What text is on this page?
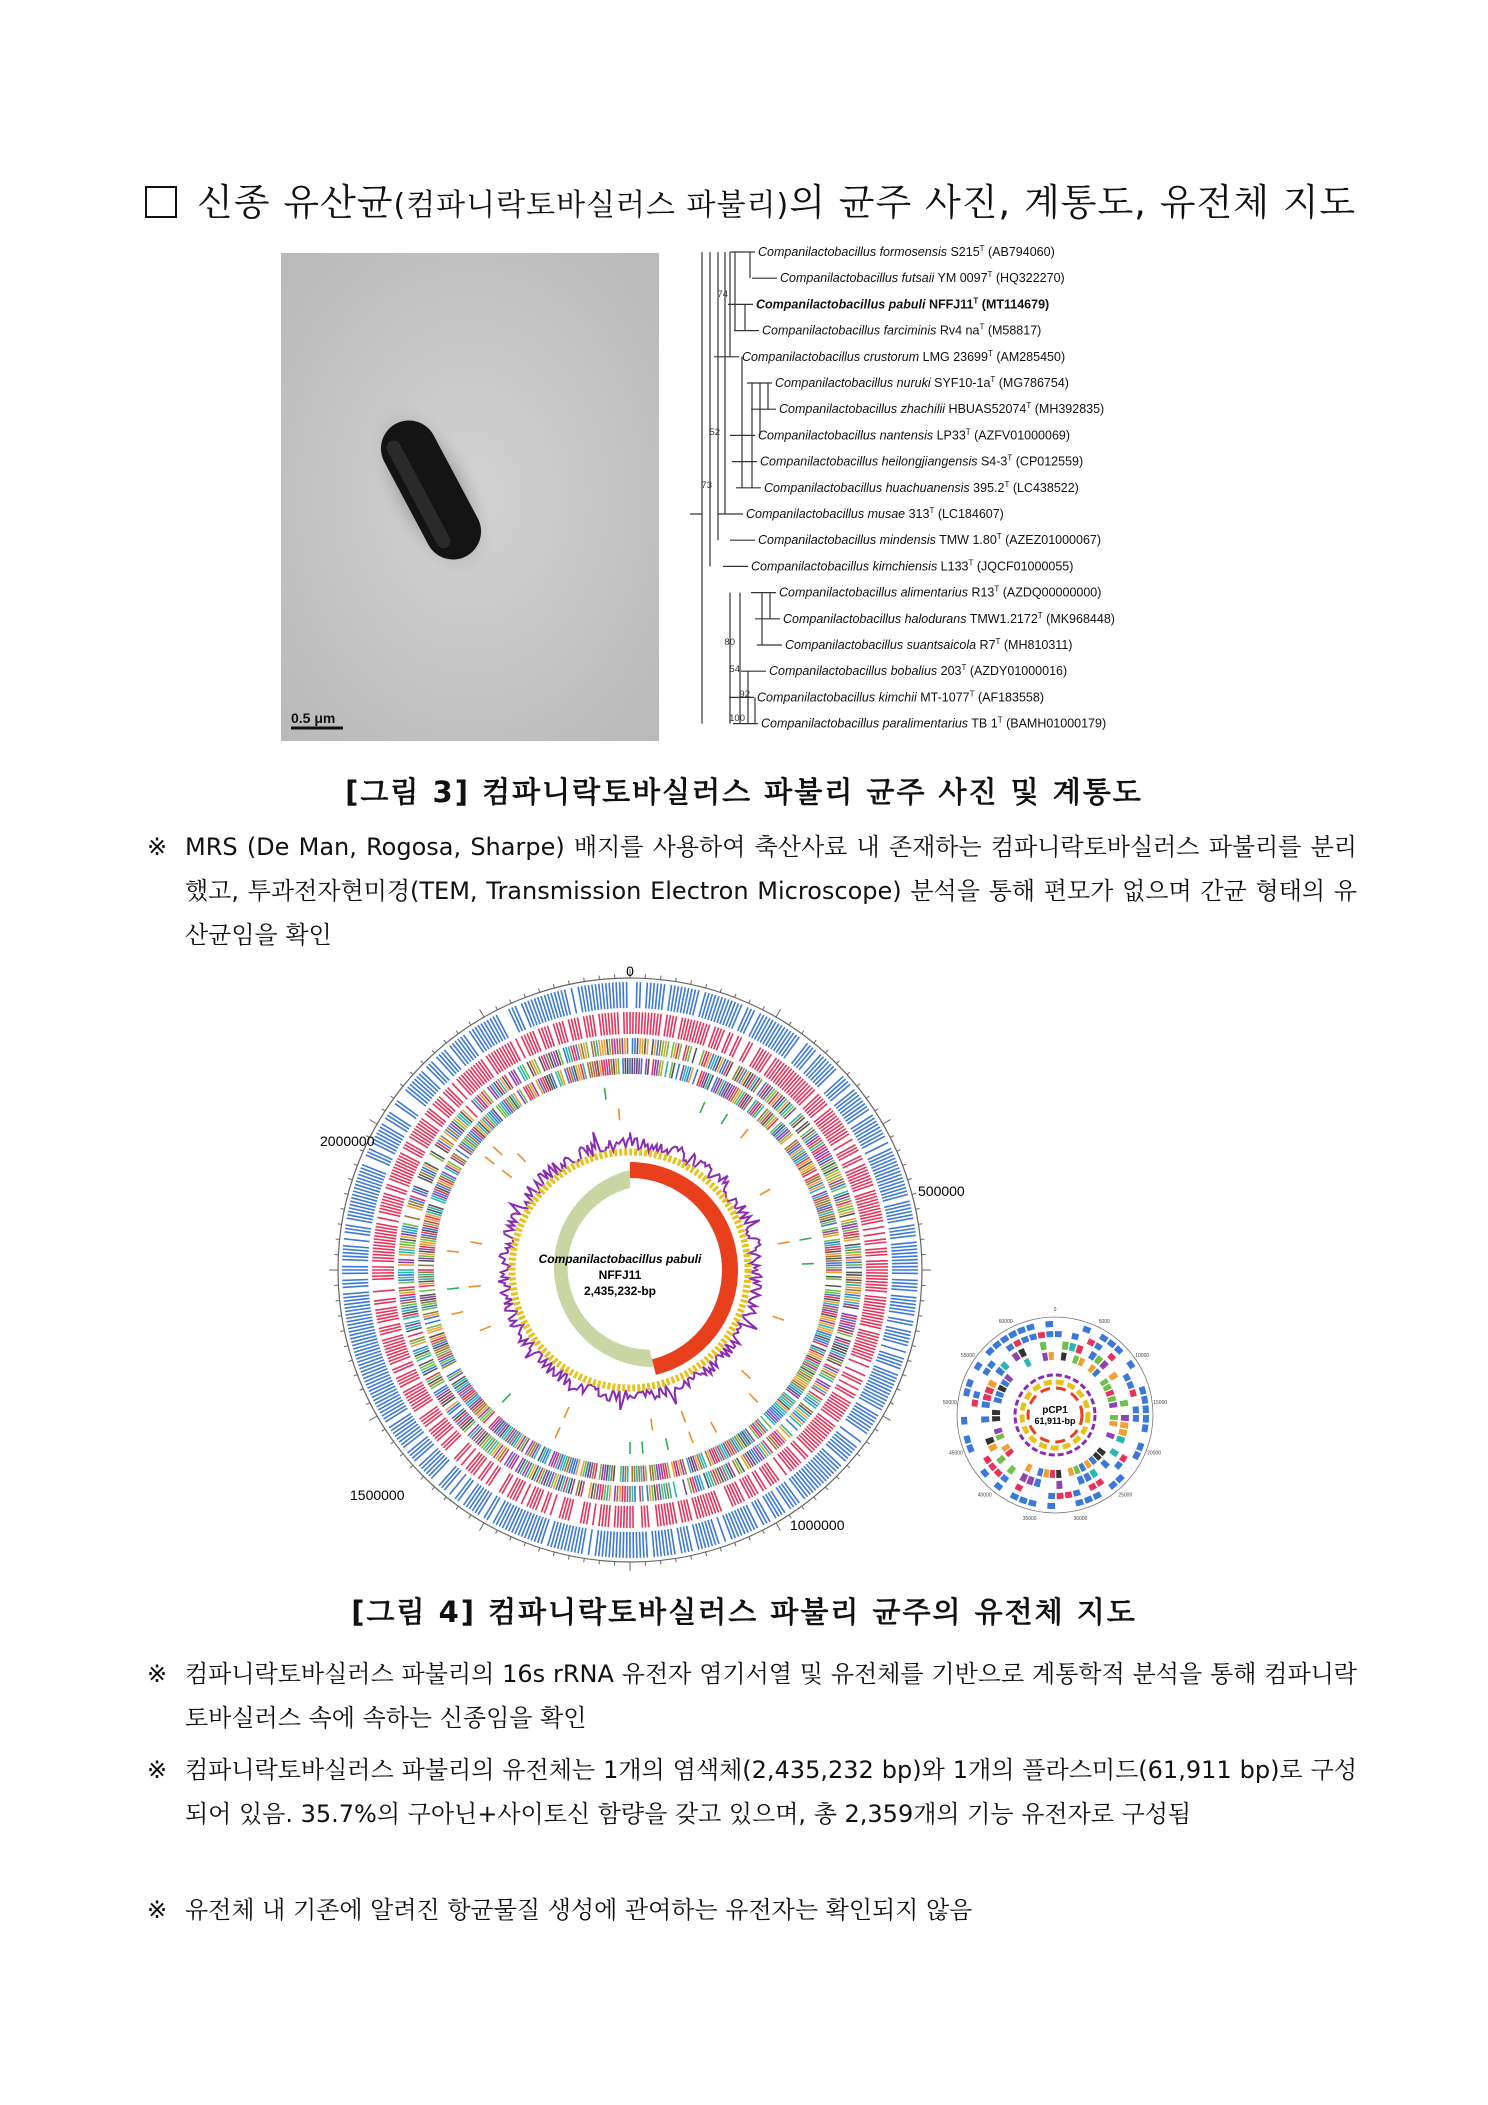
신종 유산균(컴파니락토바실러스 파불리)의 균주 사진, 계통도, 유전체 지도
0.5 μm
Companilactobacillus formosensis $S215^T$ (AB794060)
Companilactobacillus futsaii YM $0097^T$ (HQ322270)
Companilactobacillus pabuli $NFFJ11^T$ (MT114679)
Companilactobacillus farciminis Rv4 $na^T$ (M58817)
Companilactobacillus crustorum LMG $23699^T$ (AM285450)
Companilactobacillus nuruki $SYF10-1a^T$ (MG786754)
Companilactobacillus zhachilii $HBUAS52074^T$ (MH392835)
Companilactobacillus nantensis $LP33^T$ (AZFV01000069)
Companilactobacillus heilongjiangensis $S4-3^T$ (CP012559)
Companilactobacillus huachuanensis $395.2^T$ (LC438522)
Companilactobacillus musae $313^T$ (LC184607)
Companilactobacillus mindensis TMW $1.80^T$ (AZEZ01000067)
Companilactobacillus kimchiensis $L133^T$ (JQCF01000055)
Companilactobacillus alimentarius $R13^T$ (AZDQ00000000)
Companilactobacillus halodurans $TMW1.2172^T$ (MK968448)
Companilactobacillus suantsaicola $R7^T$ (MH810311)
Companilactobacillus bobalius $203^T$ (AZDY01000016)
Companilactobacillus kimchii $MT-1077^T$ (AF183558)
Companilactobacillus paralimentarius TB $1^T$ (BAMH01000179)
74
52
73
80
54
92
100
[그림 3] 컴파니락토바실러스 파불리 균주 사진 및 계통도
※ MRS (De Man, Rogosa, Sharpe) 배지를 사용하여 축산사료 내 존재하는 컴파니락토바실러스 파불리를 분리했고, 투과전자현미경(TEM, Transmission Electron Microscope) 분석을 통해 편모가 없으며 간균 형태의 유산균임을 확인
0
500000
1000000
1500000
2000000
Companilactobacillus pabuli
NFFJ11
2,435,232-bp
0
5000
10000
15000
20000
25000
30000
35000
40000
45000
50000
55000
60000
pCP1
61,911-bp
[그림 4] 컴파니락토바실러스 파불리 균주의 유전체 지도
※ 컴파니락토바실러스 파불리의 16s rRNA 유전자 염기서열 및 유전체를 기반으로 계통학적 분석을 통해 컴파니락토바실러스 속에 속하는 신종임을 확인
※ 컴파니락토바실러스 파불리의 유전체는 1개의 염색체(2,435,232 bp)와 1개의 플라스미드(61,911 bp)로 구성되어 있음. 35.7%의 구아닌+사이토신 함량을 갖고 있으며, 총 2,359개의 기능 유전자로 구성됨
※ 유전체 내 기존에 알려진 항균물질 생성에 관여하는 유전자는 확인되지 않음
